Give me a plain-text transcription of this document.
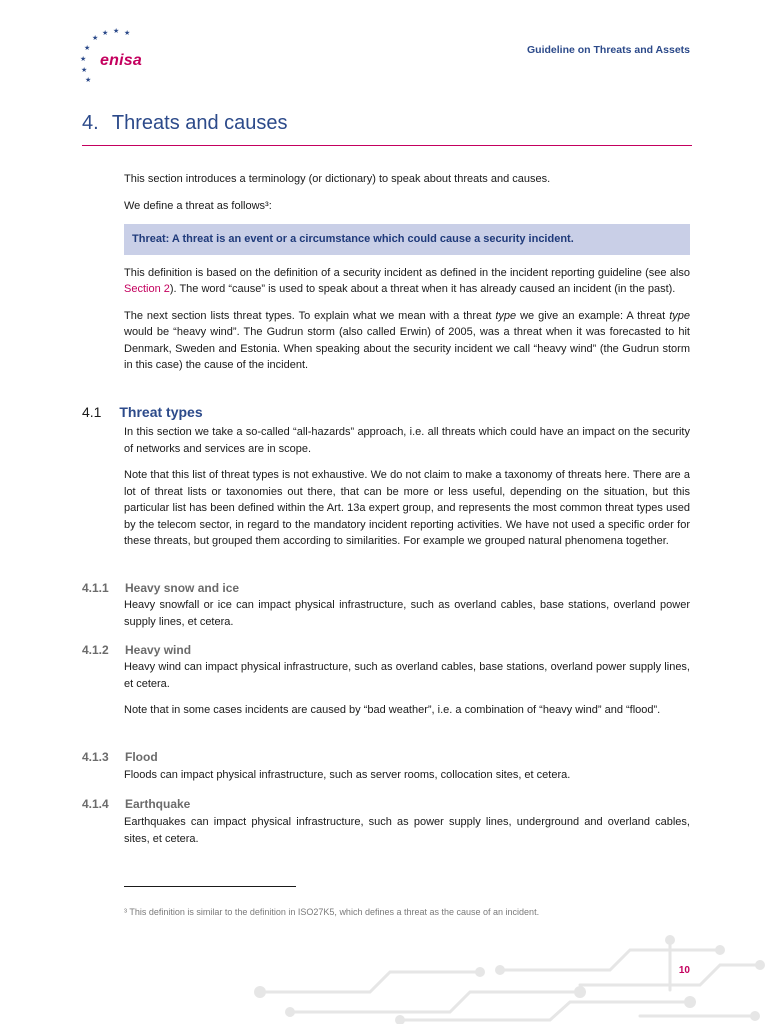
★
★ ★ ★
★
★
★
★
enisa
Guideline on Threats and Assets
4. Threats and causes

This section introduces a terminology (or dictionary) to speak about threats and causes.

We define a threat as follows³:

Threat: A threat is an event or a circumstance which could cause a security incident.

This definition is based on the definition of a security incident as defined in the incident reporting guideline (see also Section 2). The word “cause” is used to speak about a threat when it has already caused an incident (in the past).

The next section lists threat types. To explain what we mean with a threat type we give an example: A threat type would be “heavy wind”. The Gudrun storm (also called Erwin) of 2005, was a threat when it was forecasted to hit Denmark, Sweden and Estonia. When speaking about the security incident we call “heavy wind” (the Gudrun storm in this case) the cause of the incident.

4.1 Threat types

In this section we take a so-called “all-hazards” approach, i.e. all threats which could have an impact on the security of networks and services are in scope.

Note that this list of threat types is not exhaustive. We do not claim to make a taxonomy of threats here. There are a lot of threat lists or taxonomies out there, that can be more or less useful, depending on the situation, but this particular list has been defined within the Art. 13a expert group, and represents the most common threat types used by the telecom sector, in regard to the mandatory incident reporting activities. We have not used a specific order for these threats, but grouped them according to similarities. For example we grouped natural phenomena together.

4.1.1 Heavy snow and ice

Heavy snowfall or ice can impact physical infrastructure, such as overland cables, base stations, overland power supply lines, et cetera.

4.1.2 Heavy wind

Heavy wind can impact physical infrastructure, such as overland cables, base stations, overland power supply lines, et cetera.

Note that in some cases incidents are caused by “bad weather”, i.e. a combination of “heavy wind” and “flood”.

4.1.3 Flood

Floods can impact physical infrastructure, such as server rooms, collocation sites, et cetera.

4.1.4 Earthquake

Earthquakes can impact physical infrastructure, such as power supply lines, underground and overland cables, sites, et cetera.

³ This definition is similar to the definition in ISO27K5, which defines a threat as the cause of an incident.
10
